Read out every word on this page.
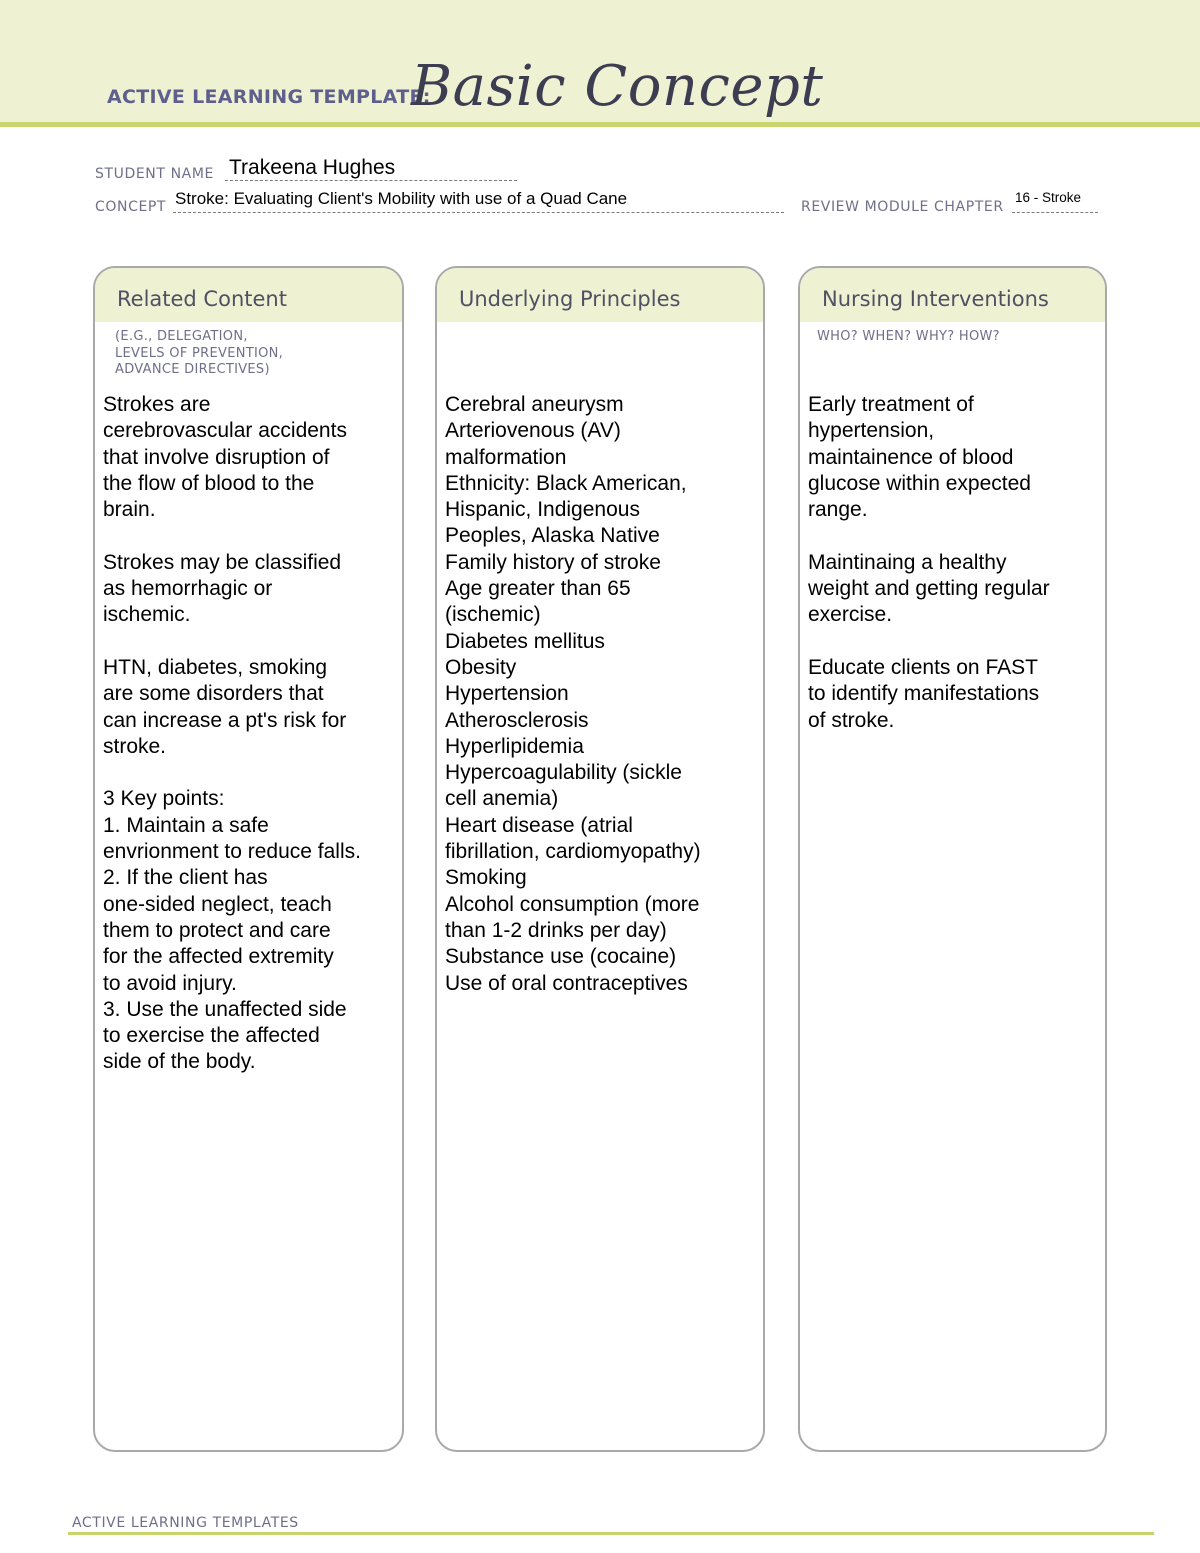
ACTIVE LEARNING TEMPLATE:
Basic Concept
STUDENT NAME Trakeena Hughes
CONCEPT Stroke: Evaluating Client's Mobility with use of a Quad Cane	REVIEW MODULE CHAPTER
16 - Stroke
Related Content
(E.G., DELEGATION,
LEVELS OF PREVENTION,
ADVANCE DIRECTIVES)
Strokes are
cerebrovascular accidents
that involve disruption of
the flow of blood to the
brain.

Strokes may be classified
as hemorrhagic or
ischemic.

HTN, diabetes, smoking
are some disorders that
can increase a pt's risk for
stroke.

3 Key points:
1. Maintain a safe
envrionment to reduce falls.
2. If the client has
one-sided neglect, teach
them to protect and care
for the affected extremity
to avoid injury.
3. Use the unaffected side
to exercise the affected
side of the body.
Underlying Principles
Cerebral aneurysm
Arteriovenous (AV)
malformation
Ethnicity: Black American,
Hispanic, Indigenous
Peoples, Alaska Native
Family history of stroke
Age greater than 65
(ischemic)
Diabetes mellitus
Obesity
Hypertension
Atherosclerosis
Hyperlipidemia
Hypercoagulability (sickle
cell anemia)
Heart disease (atrial
fibrillation, cardiomyopathy)
Smoking
Alcohol consumption (more
than 1-2 drinks per day)
Substance use (cocaine)
Use of oral contraceptives
Nursing Interventions
WHO? WHEN? WHY? HOW?
Early treatment of
hypertension,
maintainence of blood
glucose within expected
range.

Maintinaing a healthy
weight and getting regular
exercise.

Educate clients on FAST
to identify manifestations
of stroke.
ACTIVE LEARNING TEMPLATES
